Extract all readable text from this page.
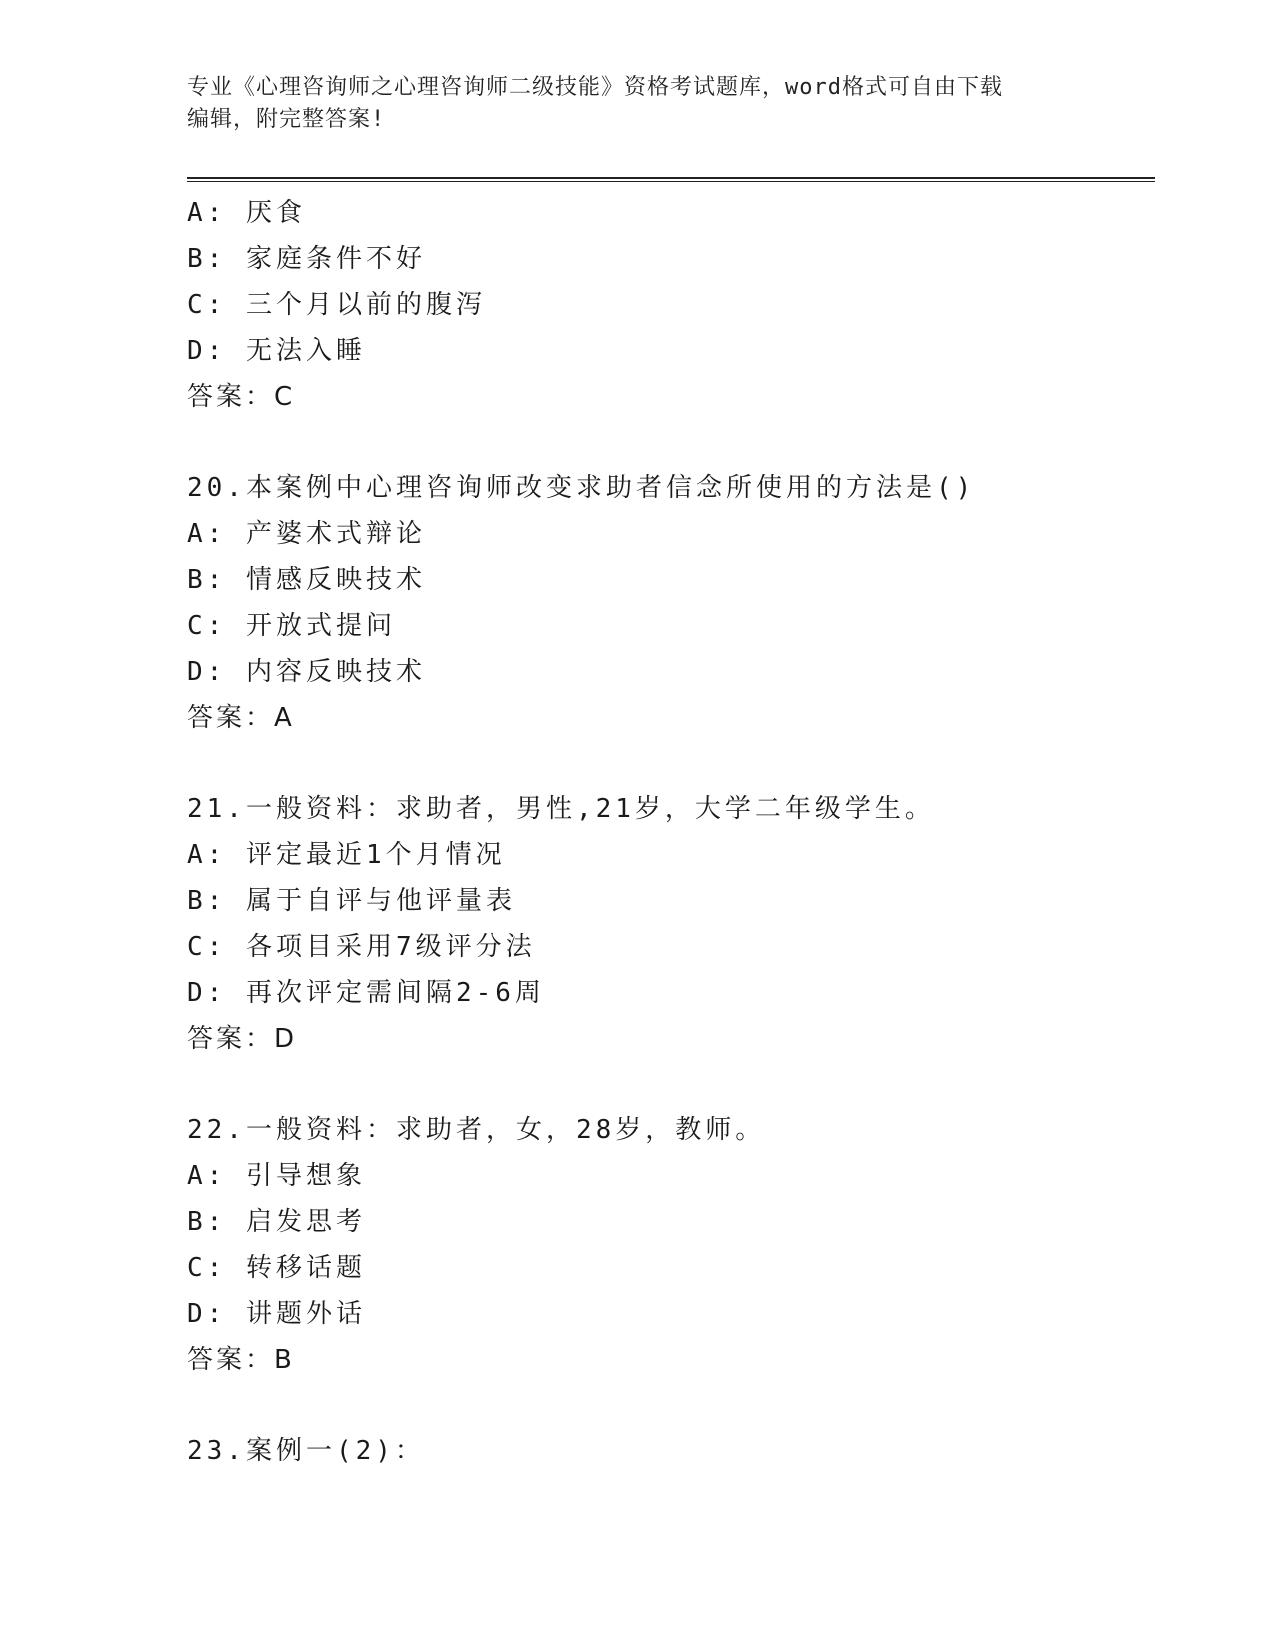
专业《心理咨询师之心理咨询师二级技能》资格考试题库，word格式可自由下载
编辑，附完整答案!
A: 厌食
B: 家庭条件不好
C: 三个月以前的腹泻
D: 无法入睡
答案：C
20.本案例中心理咨询师改变求助者信念所使用的方法是()
A: 产婆术式辩论
B: 情感反映技术
C: 开放式提问
D: 内容反映技术
答案：A
21.一般资料：求助者，男性,21岁，大学二年级学生。
A: 评定最近1个月情况
B: 属于自评与他评量表
C: 各项目采用7级评分法
D: 再次评定需间隔2-6周
答案：D
22.一般资料：求助者，女，28岁，教师。
A: 引导想象
B: 启发思考
C: 转移话题
D: 讲题外话
答案：B
23.案例一(2)：
